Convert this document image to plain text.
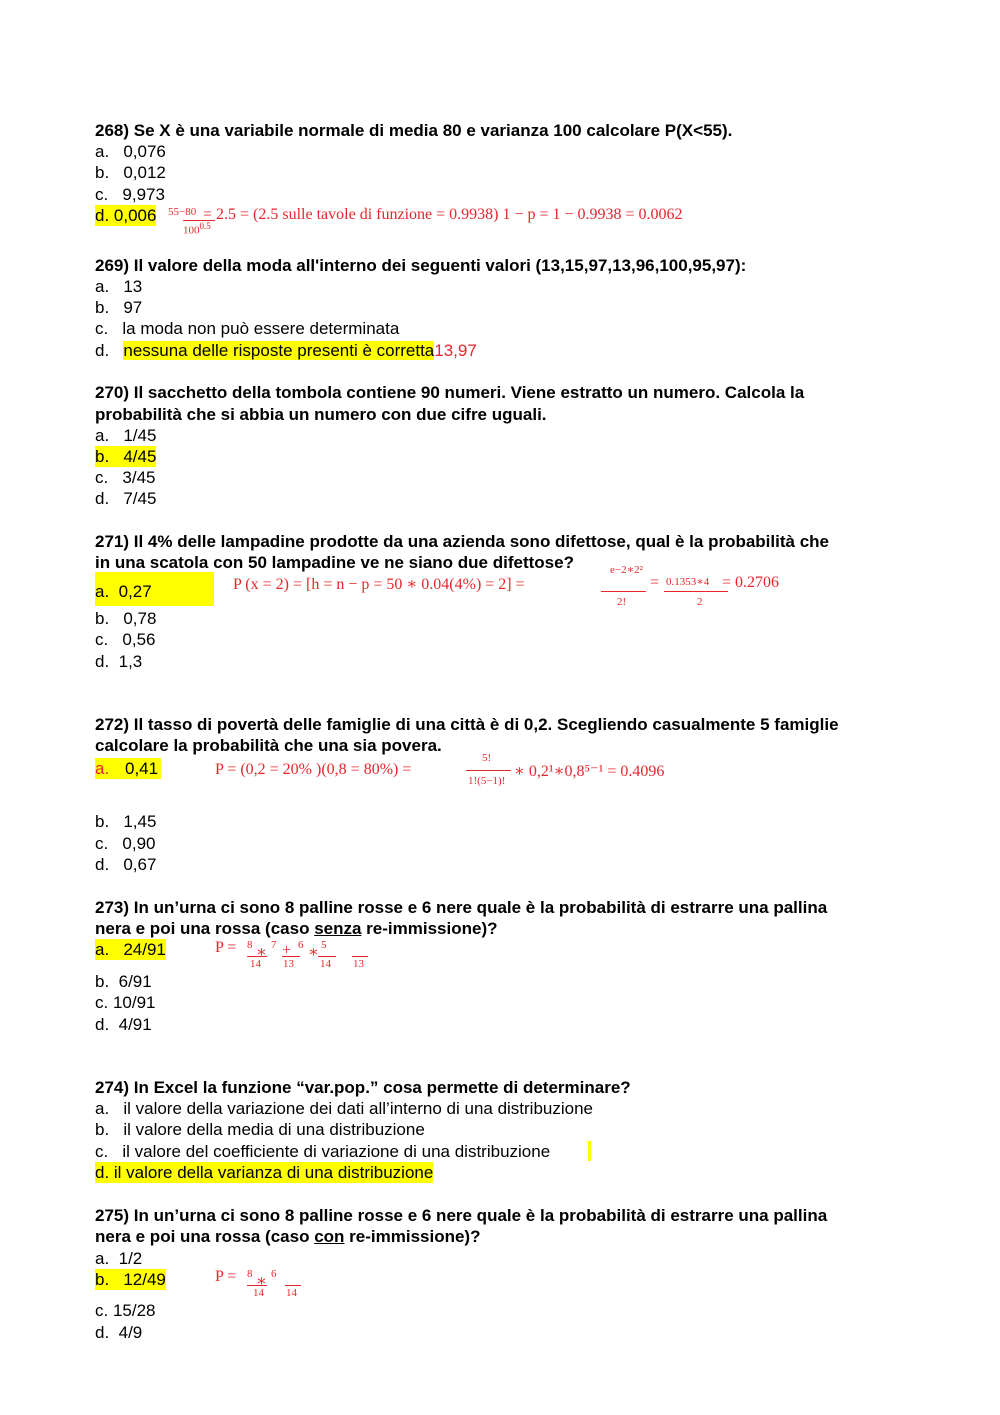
268) Se X è una variabile normale di media 80 e varianza 100 calcolare P(X<55).
a.   0,076
b.   0,012
c.   9,973
d. 0,006 55−80
$100^{0.5}$
= 2.5 = (2.5 sulle tavole di funzione = 0.9938) 1 − p = 1 − 0.9938 = 0.0062
269) Il valore della moda all'interno dei seguenti valori (13,15,97,13,96,100,95,97):
a.   13
b.   97
c.   la moda non può essere determinata
d.   nessuna delle risposte presenti è corretta13,97
270) Il sacchetto della tombola contiene 90 numeri. Viene estratto un numero. Calcola la
probabilità che si abbia un numero con due cifre uguali.
a.   1/45
b.   4/45
c.   3/45
d.   7/45
271) Il 4% delle lampadine prodotte da una azienda sono difettose, qual è la probabilità che
in una scatola con 50 lampadine ve ne siano due difettose?
a.  0,27	P (x = 2) = [h = n − p = 50 ∗ 0.04(4%) = 2] =
e−2∗2²
2!
= 0.1353∗4
2
= 0.2706
b.   0,78
c.   0,56
d.  1,3
272) Il tasso di povertà delle famiglie di una città è di 0,2. Scegliendo casualmente 5 famiglie
calcolare la probabilità che una sia povera.
a. 0,41	P = (0,2 = 20% )(0,8 = 80%) =
5!
1!(5−1)!
∗ 0,2¹∗0,8⁵⁻¹ = 0.4096
b.   1,45
c.   0,90
d.   0,67
273) In un’urna ci sono 8 palline rosse e 6 nere quale è la probabilità di estrarre una pallina
nera e poi una rossa (caso senza re-immissione)?
a.   24/91	P = 8 ∗ 7 + 6 ∗ 5
14 13 14 13
b.  6/91
c. 10/91
d.  4/91
274) In Excel la funzione “var.pop.” cosa permette di determinare?
a.   il valore della variazione dei dati all’interno di una distribuzione
b.   il valore della media di una distribuzione
c.   il valore del coefficiente di variazione di una distribuzione
d. il valore della varianza di una distribuzione
275) In un’urna ci sono 8 palline rosse e 6 nere quale è la probabilità di estrarre una pallina
nera e poi una rossa (caso con re-immissione)?
a.  1/2
b.   12/49	P = 8 ∗ 6
14 14
c. 15/28
d.  4/9
